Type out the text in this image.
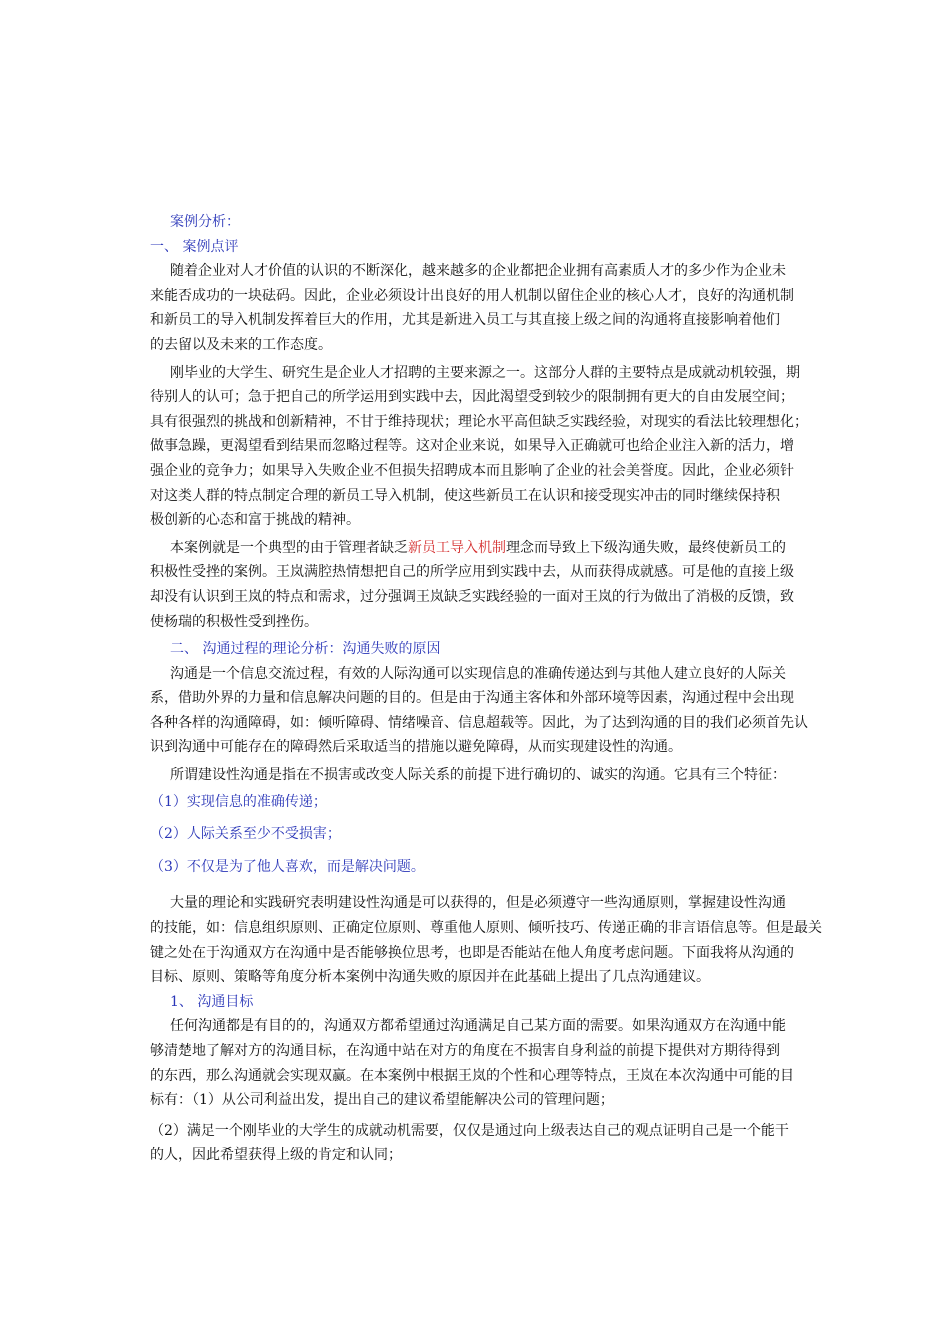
案例分析：
一、 案例点评
随着企业对人才价值的认识的不断深化，越来越多的企业都把企业拥有高素质人才的多少作为企业未
来能否成功的一块砝码。因此，企业必须设计出良好的用人机制以留住企业的核心人才，良好的沟通机制
和新员工的导入机制发挥着巨大的作用，尤其是新进入员工与其直接上级之间的沟通将直接影响着他们
的去留以及未来的工作态度。
刚毕业的大学生、研究生是企业人才招聘的主要来源之一。这部分人群的主要特点是成就动机较强，期
待别人的认可；急于把自己的所学运用到实践中去，因此渴望受到较少的限制拥有更大的自由发展空间；
具有很强烈的挑战和创新精神，不甘于维持现状；理论水平高但缺乏实践经验，对现实的看法比较理想化；
做事急躁，更渴望看到结果而忽略过程等。这对企业来说，如果导入正确就可也给企业注入新的活力，增
强企业的竞争力；如果导入失败企业不但损失招聘成本而且影响了企业的社会美誉度。因此，企业必须针
对这类人群的特点制定合理的新员工导入机制，使这些新员工在认识和接受现实冲击的同时继续保持积
极创新的心态和富于挑战的精神。
本案例就是一个典型的由于管理者缺乏新员工导入机制理念而导致上下级沟通失败，最终使新员工的
积极性受挫的案例。王岚满腔热情想把自己的所学应用到实践中去，从而获得成就感。可是他的直接上级
却没有认识到王岚的特点和需求，过分强调王岚缺乏实践经验的一面对王岚的行为做出了消极的反馈，致
使杨瑞的积极性受到挫伤。
二、 沟通过程的理论分析：沟通失败的原因
沟通是一个信息交流过程，有效的人际沟通可以实现信息的准确传递达到与其他人建立良好的人际关
系，借助外界的力量和信息解决问题的目的。但是由于沟通主客体和外部环境等因素，沟通过程中会出现
各种各样的沟通障碍，如：倾听障碍、情绪噪音、信息超载等。因此，为了达到沟通的目的我们必须首先认
识到沟通中可能存在的障碍然后采取适当的措施以避免障碍，从而实现建设性的沟通。
所谓建设性沟通是指在不损害或改变人际关系的前提下进行确切的、诚实的沟通。它具有三个特征：
（1）实现信息的准确传递；
（2）人际关系至少不受损害；
（3）不仅是为了他人喜欢，而是解决问题。
大量的理论和实践研究表明建设性沟通是可以获得的，但是必须遵守一些沟通原则，掌握建设性沟通
的技能，如：信息组织原则、正确定位原则、尊重他人原则、倾听技巧、传递正确的非言语信息等。但是最关
键之处在于沟通双方在沟通中是否能够换位思考，也即是否能站在他人角度考虑问题。下面我将从沟通的
目标、原则、策略等角度分析本案例中沟通失败的原因并在此基础上提出了几点沟通建议。
1、 沟通目标
任何沟通都是有目的的，沟通双方都希望通过沟通满足自己某方面的需要。如果沟通双方在沟通中能
够清楚地了解对方的沟通目标，在沟通中站在对方的角度在不损害自身利益的前提下提供对方期待得到
的东西，那么沟通就会实现双赢。在本案例中根据王岚的个性和心理等特点，王岚在本次沟通中可能的目
标有：（1）从公司利益出发，提出自己的建议希望能解决公司的管理问题；
（2）满足一个刚毕业的大学生的成就动机需要，仅仅是通过向上级表达自己的观点证明自己是一个能干
的人，因此希望获得上级的肯定和认同；
